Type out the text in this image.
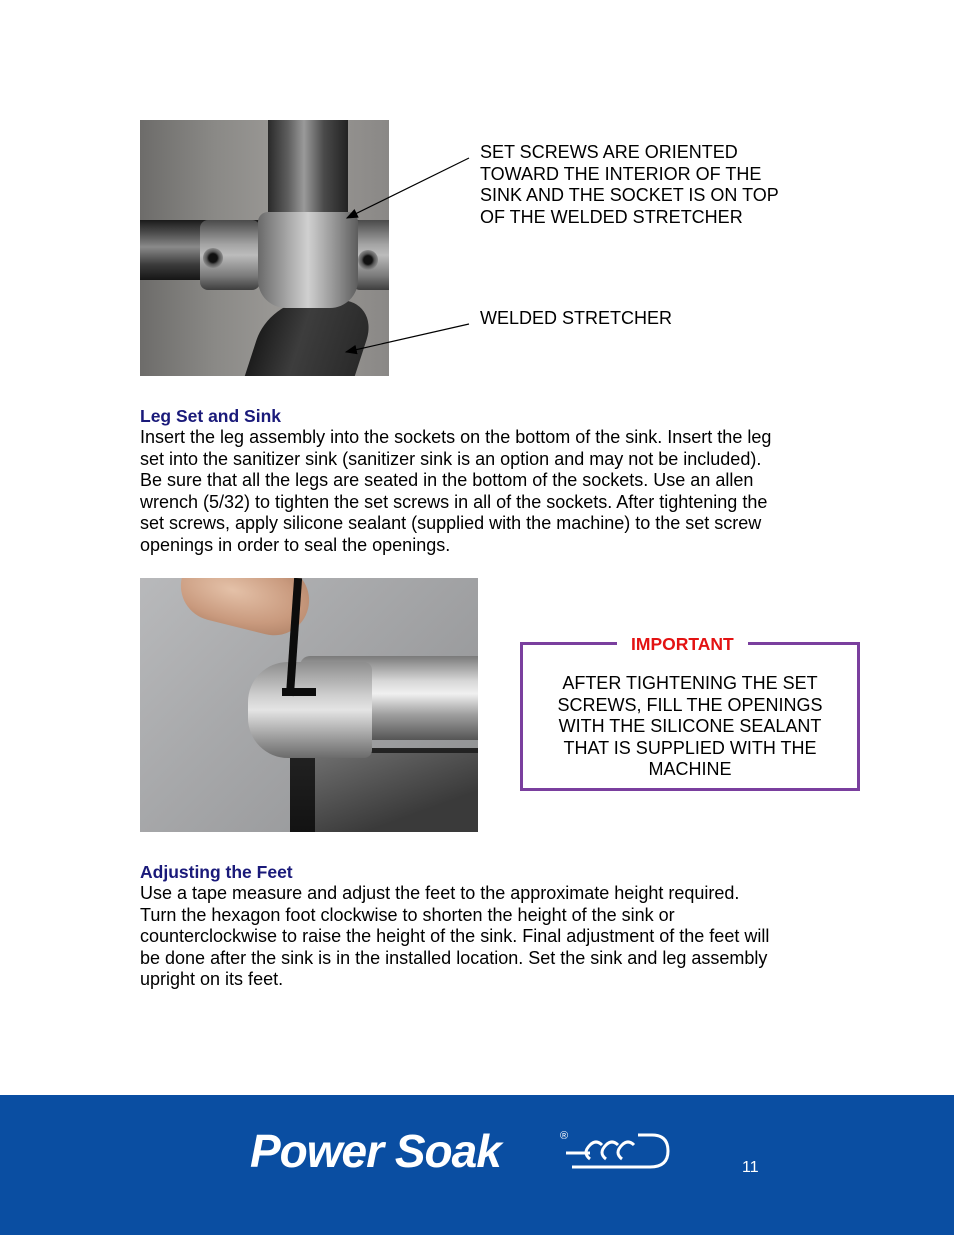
SET SCREWS ARE ORIENTED TOWARD THE INTERIOR OF THE SINK AND THE SOCKET IS ON TOP OF THE WELDED STRETCHER
WELDED STRETCHER
Leg Set and Sink
Insert the leg assembly into the sockets on the bottom of the sink. Insert the leg set into the sanitizer sink (sanitizer sink is an option and may not be included). Be sure that all the legs are seated in the bottom of the sockets. Use an allen wrench (5/32) to tighten the set screws in all of the sockets. After tightening the set screws, apply silicone sealant (supplied with the machine) to the set screw openings in order to seal the openings.
IMPORTANT
AFTER TIGHTENING THE SET SCREWS, FILL THE OPENINGS WITH THE SILICONE SEALANT THAT IS SUPPLIED WITH THE MACHINE
Adjusting the Feet
Use a tape measure and adjust the feet to the approximate height required. Turn the hexagon foot clockwise to shorten the height of the sink or counterclockwise to raise the height of the sink. Final adjustment of the feet will be done after the sink is in the installed location. Set the sink and leg assembly upright on its feet.
Power Soak	®
11
